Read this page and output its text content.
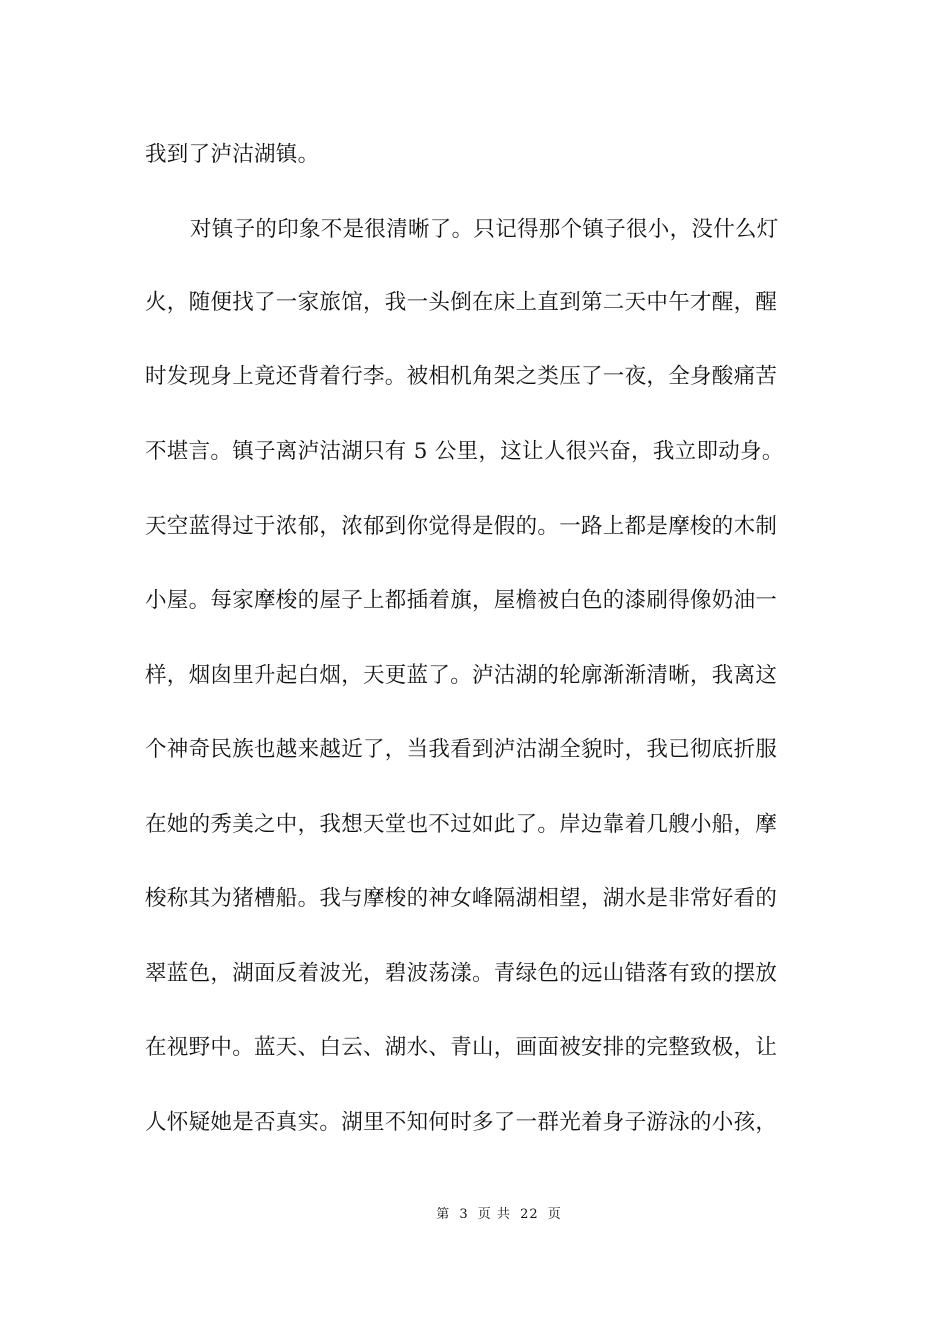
我到了泸沽湖镇。
对镇子的印象不是很清晰了。只记得那个镇子很小，没什么灯
火，随便找了一家旅馆，我一头倒在床上直到第二天中午才醒，醒
时发现身上竟还背着行李。被相机角架之类压了一夜，全身酸痛苦
不堪言。镇子离泸沽湖只有 5 公里，这让人很兴奋，我立即动身。
天空蓝得过于浓郁，浓郁到你觉得是假的。一路上都是摩梭的木制
小屋。每家摩梭的屋子上都插着旗，屋檐被白色的漆刷得像奶油一
样，烟囱里升起白烟，天更蓝了。泸沽湖的轮廓渐渐清晰，我离这
个神奇民族也越来越近了，当我看到泸沽湖全貌时，我已彻底折服
在她的秀美之中，我想天堂也不过如此了。岸边靠着几艘小船，摩
梭称其为猪槽船。我与摩梭的神女峰隔湖相望，湖水是非常好看的
翠蓝色，湖面反着波光，碧波荡漾。青绿色的远山错落有致的摆放
在视野中。蓝天、白云、湖水、青山，画面被安排的完整致极，让
人怀疑她是否真实。湖里不知何时多了一群光着身子游泳的小孩，
第 3 页 共 22 页
